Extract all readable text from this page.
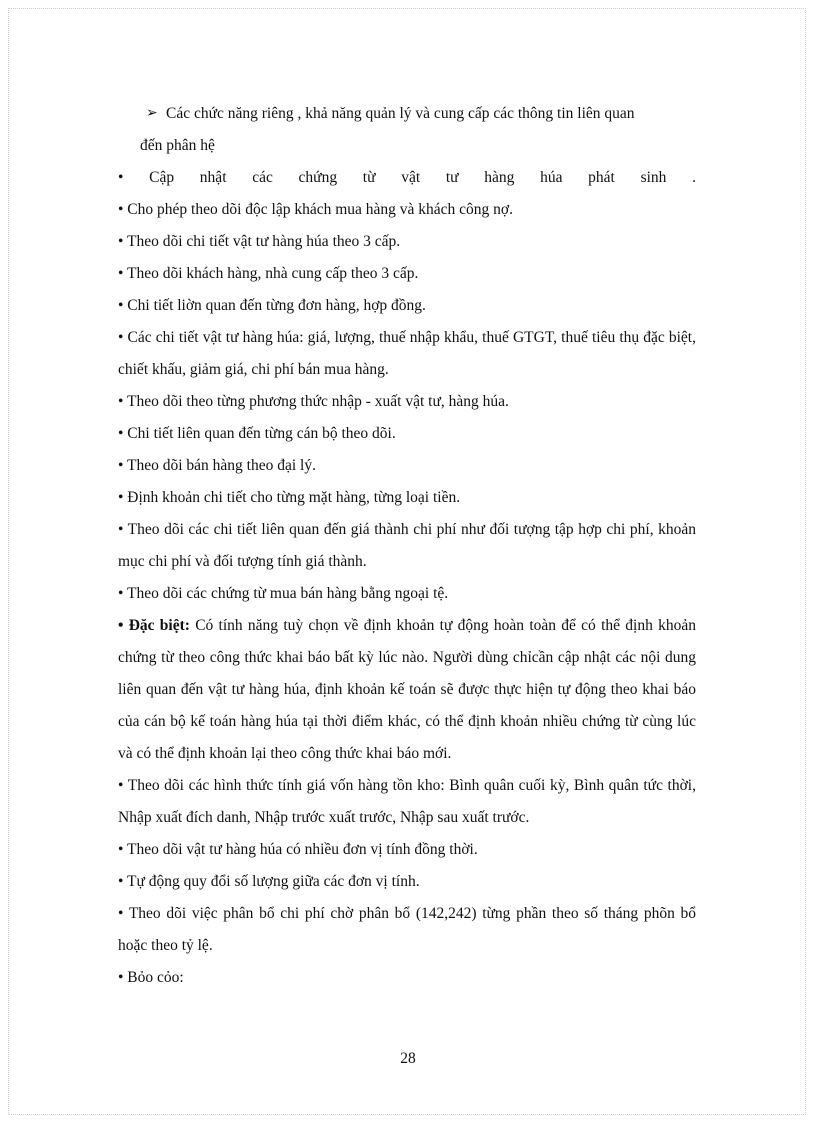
➢ Các chức năng riêng , khả năng quản lý và cung cấp các thông tin liên quan
đến phân hệ
• Cập nhật các chứng từ vật tư hàng húa phát sinh .
• Cho phép theo dõi độc lập khách mua hàng và khách công nợ.
• Theo dõi chi tiết vật tư hàng húa theo 3 cấp.
• Theo dõi khách hàng, nhà cung cấp theo 3 cấp.
• Chi tiết liờn quan đến từng đơn hàng, hợp đồng.
• Các chi tiết vật tư hàng húa: giá, lượng, thuế nhập khẩu, thuế GTGT, thuế tiêu thụ đặc biệt, chiết khấu, giảm giá, chi phí bán mua hàng.
• Theo dõi theo từng phương thức nhập - xuất vật tư, hàng húa.
• Chi tiết liên quan đến từng cán bộ theo dõi.
• Theo dõi bán hàng theo đại lý.
• Định khoản chi tiết cho từng mặt hàng, từng loại tiền.
• Theo dõi các chi tiết liên quan đến giá thành chi phí như đối tượng tập hợp chi phí, khoản mục chi phí và đối tượng tính giá thành.
• Theo dõi các chứng từ mua bán hàng bằng ngoại tệ.
• Đặc biệt: Có tính năng tuỳ chọn về định khoản tự động hoàn toàn để có thể định khoản chứng từ theo công thức khai báo bất kỳ lúc nào. Người dùng chỉcần cập nhật các nội dung liên quan đến vật tư hàng húa, định khoản kế toán sẽ được thực hiện tự động theo khai báo của cán bộ kế toán hàng húa tại thời điểm khác, có thể định khoản nhiều chứng từ cùng lúc và có thể định khoản lại theo công thức khai báo mới.
• Theo dõi các hình thức tính giá vốn hàng tồn kho: Bình quân cuối kỳ, Bình quân tức thời, Nhập xuất đích danh, Nhập trước xuất trước, Nhập sau xuất trước.
• Theo dõi vật tư hàng húa có nhiều đơn vị tính đồng thời.
• Tự động quy đổi số lượng giữa các đơn vị tính.
• Theo dõi việc phân bổ chi phí chờ phân bổ (142,242) từng phần theo số tháng phõn bổ hoặc theo tỷ lệ.
• Bỏo cỏo:
28
